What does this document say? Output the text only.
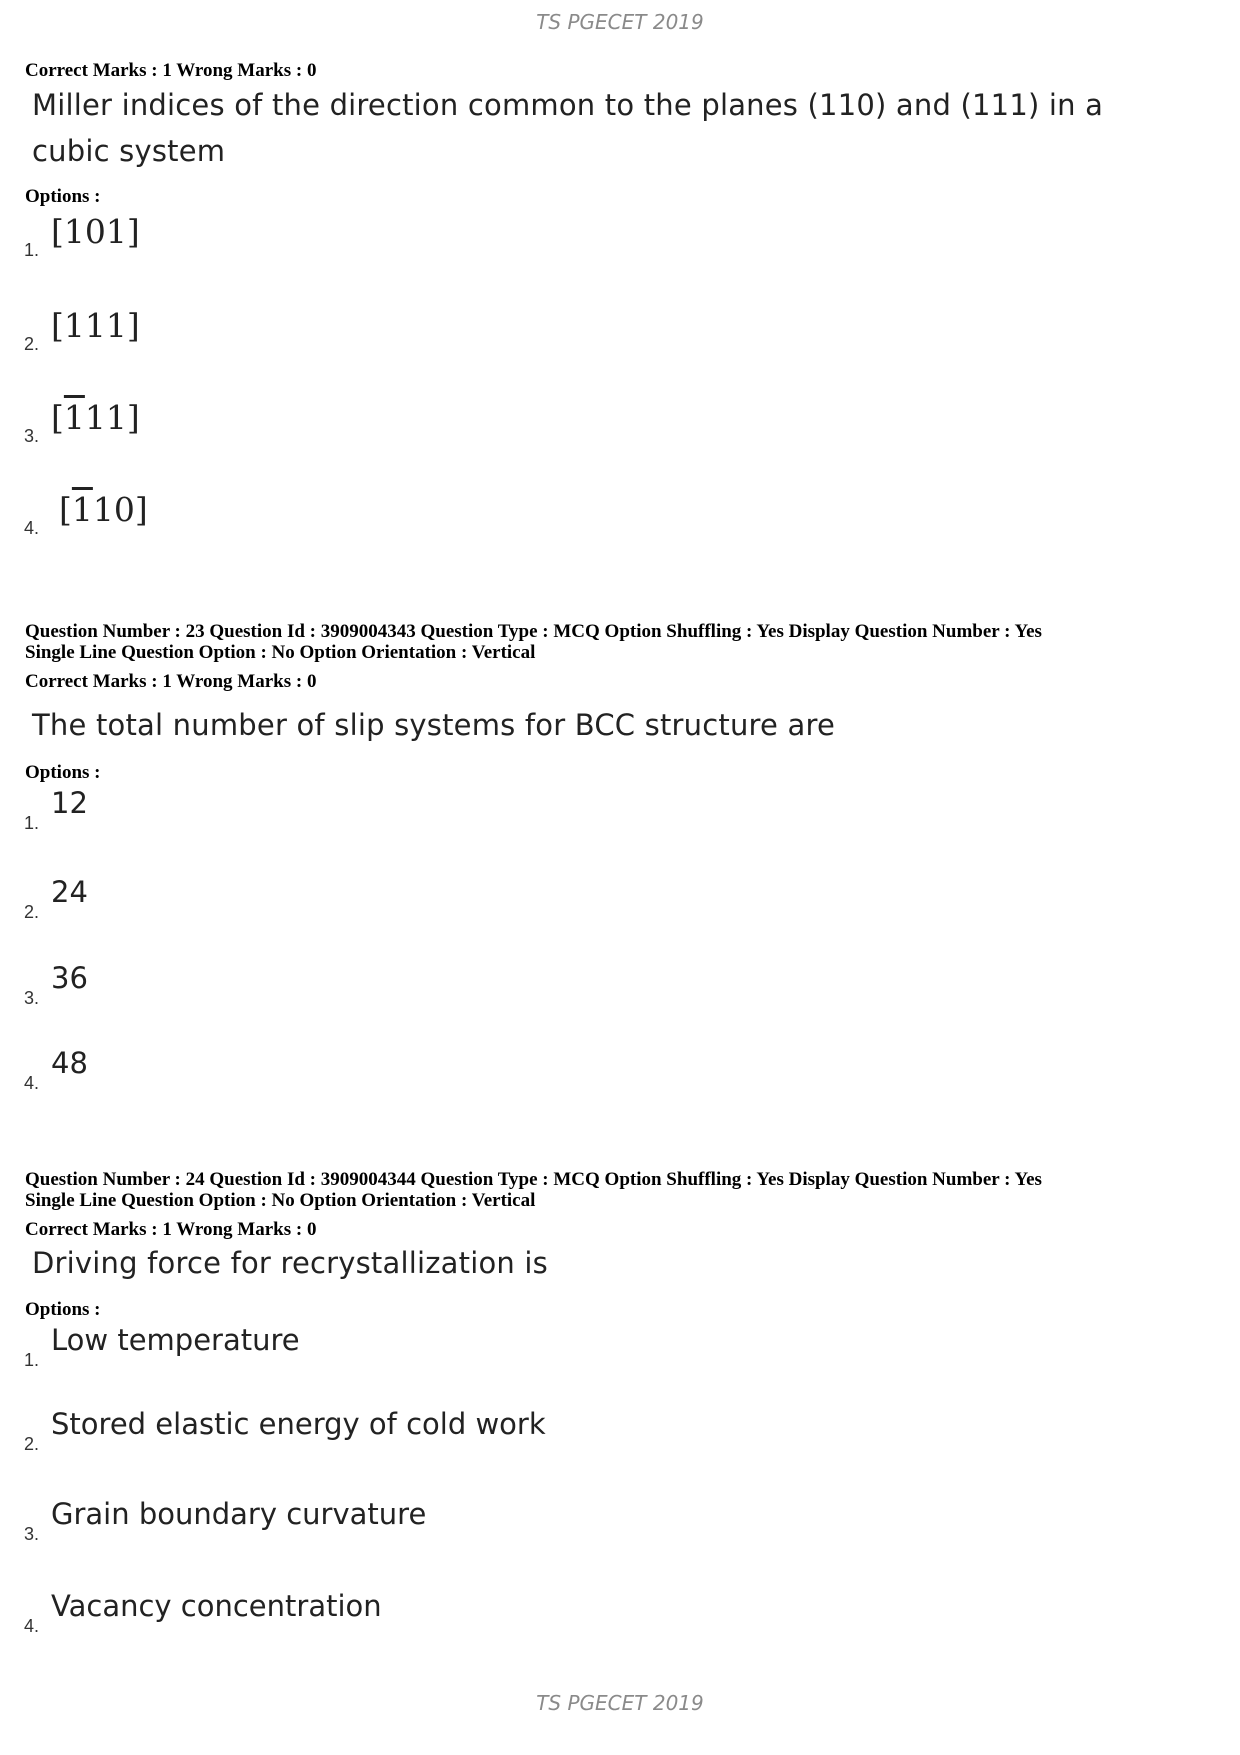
TS PGECET 2019
Correct Marks : 1 Wrong Marks : 0
Miller indices of the direction common to the planes (110) and (111) in a
cubic system
Options :
1. [101]
2. [111]
3. [111]
4. [110]
Question Number : 23 Question Id : 3909004343 Question Type : MCQ Option Shuffling : Yes Display Question Number : Yes
Single Line Question Option : No Option Orientation : Vertical
Correct Marks : 1 Wrong Marks : 0
The total number of slip systems for BCC structure are
Options :
1.12
2.24
3.36
4.48
Question Number : 24 Question Id : 3909004344 Question Type : MCQ Option Shuffling : Yes Display Question Number : Yes
Single Line Question Option : No Option Orientation : Vertical
Correct Marks : 1 Wrong Marks : 0
Driving force for recrystallization is
Options :
1.Low temperature
2.Stored elastic energy of cold work
3.Grain boundary curvature
4.Vacancy concentration
TS PGECET 2019
